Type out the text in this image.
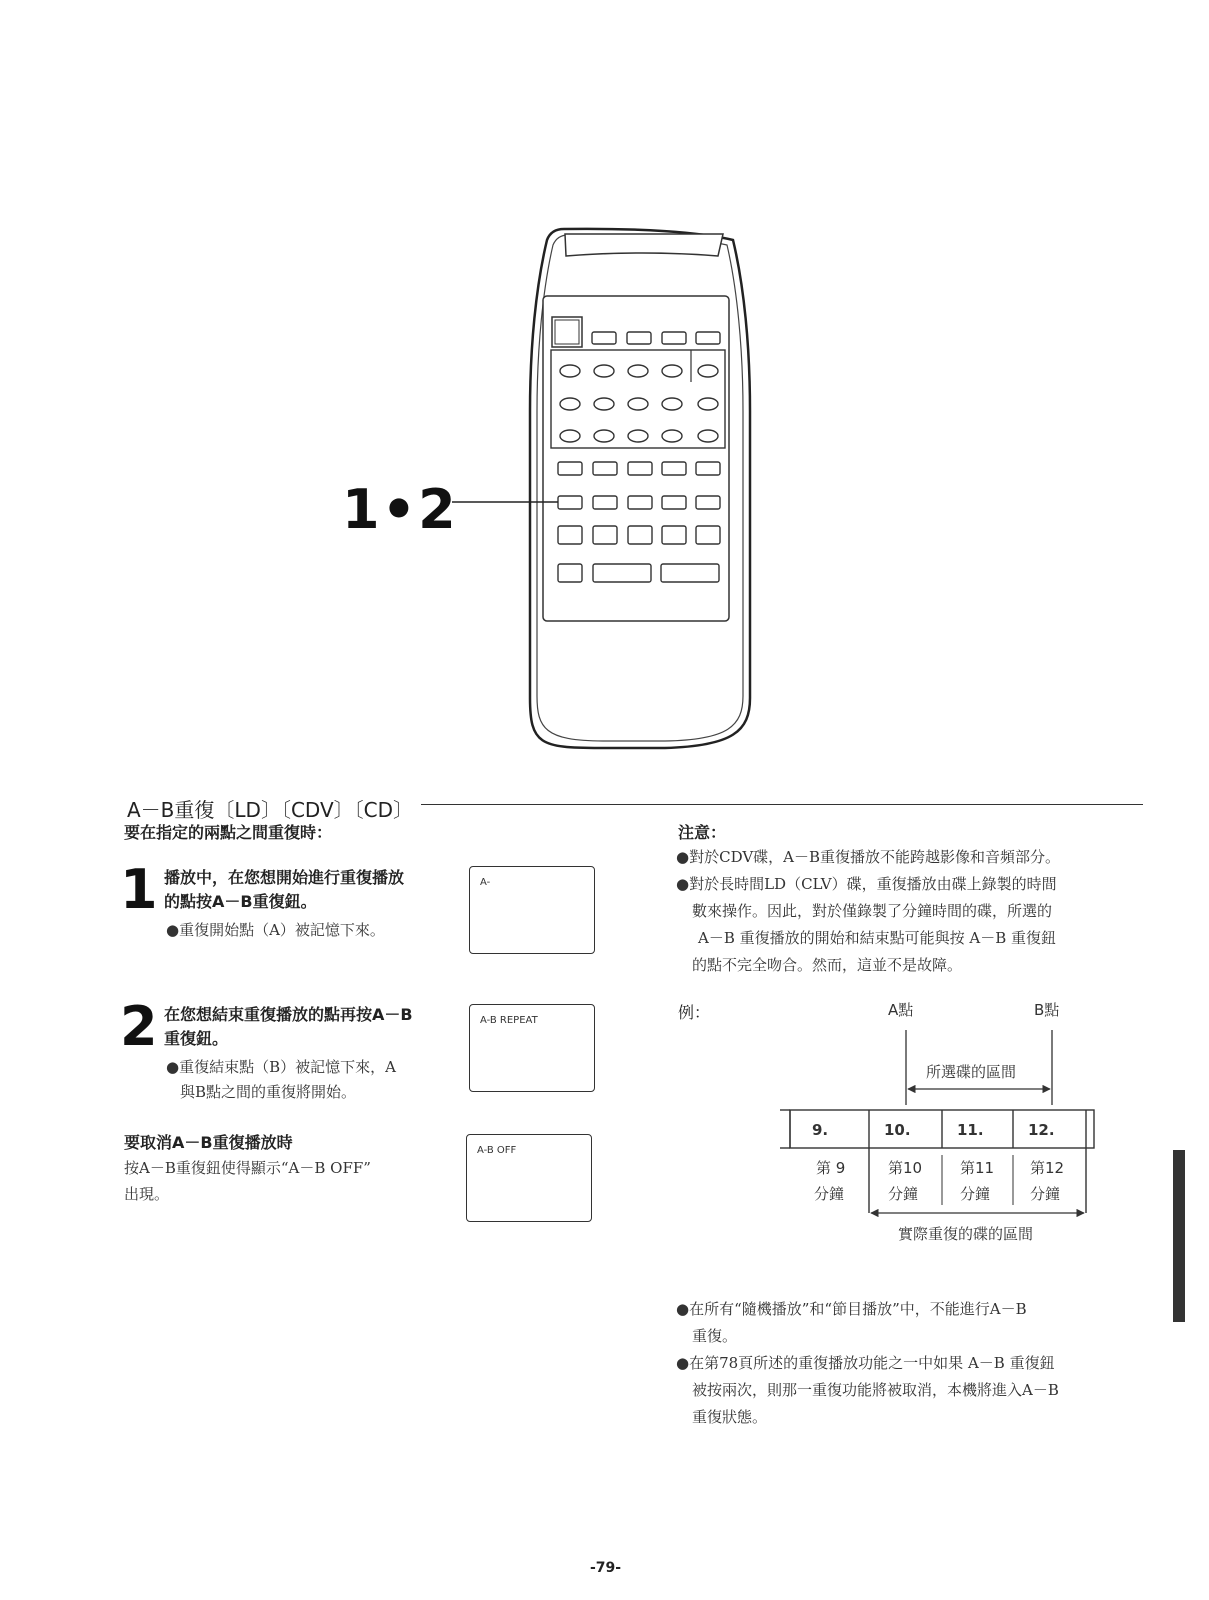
1•2
A－B重復〔LD〕〔CDV〕〔CD〕
要在指定的兩點之間重復時：
1 播放中，在您想開始進行重復播放
的點按A－B重復鈕。
●重復開始點（A）被記憶下來。
A-
2 在您想結束重復播放的點再按A－B
重復鈕。
●重復結束點（B）被記憶下來，A
與B點之間的重復將開始。
A-B REPEAT
要取消A－B重復播放時
按A－B重復鈕使得顯示“A－B OFF”
出現。
A-B OFF
注意：
●對於CDV碟，A－B重復播放不能跨越影像和音頻部分。
●對於長時間LD（CLV）碟，重復播放由碟上錄製的時間
數來操作。因此，對於僅錄製了分鐘時間的碟，所選的
A－B 重復播放的開始和結束點可能與按 A－B 重復鈕
的點不完全吻合。然而，這並不是故障。
例：	A點	B點
所選碟的區間
9.	10.	11.	12.
第 9	第10	第11 第12
分鐘	分鐘	分鐘	分鐘
實際重復的碟的區間
●在所有“隨機播放”和“節目播放”中，不能進行A－B
重復。
●在第78頁所述的重復播放功能之一中如果 A－B 重復鈕
被按兩次，則那一重復功能將被取消，本機將進入A－B
重復狀態。
-79-
